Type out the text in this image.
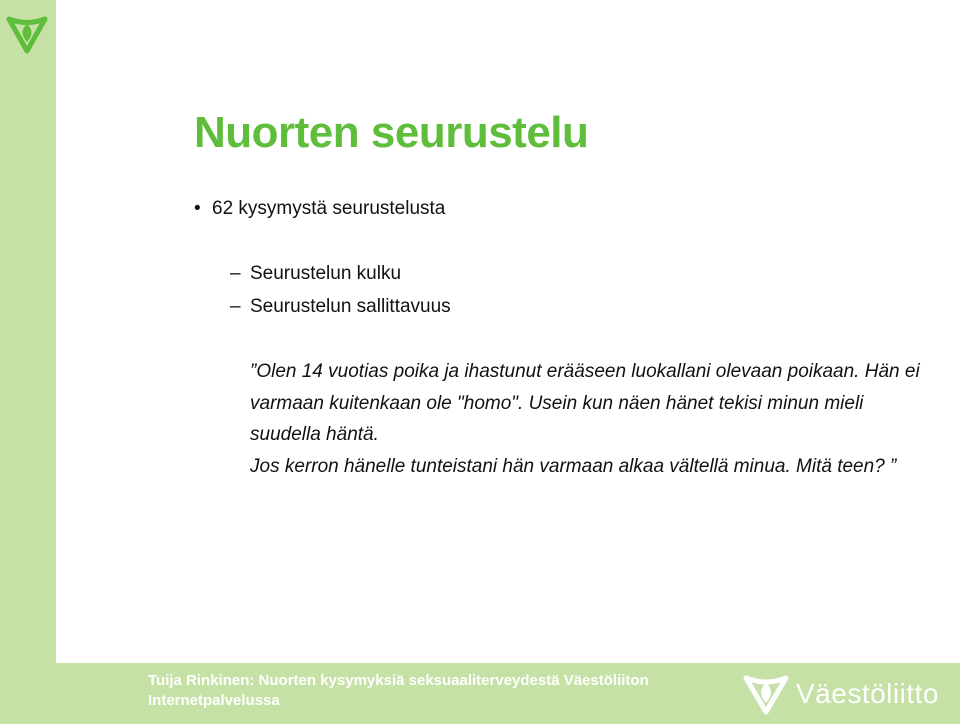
Nuorten seurustelu
• 62 kysymystä seurustelusta
– Seurustelun kulku
– Seurustelun sallittavuus

”Olen 14 vuotias poika ja ihastunut erääseen luokallani olevaan poikaan. Hän ei varmaan kuitenkaan ole "homo". Usein kun näen hänet tekisi minun mieli suudella häntä.

Jos kerron hänelle tunteistani hän varmaan alkaa vältellä minua. Mitä teen? ”

Tuija Rinkinen: Nuorten kysymyksiä seksuaaliterveydestä Väestöliiton
Internetpalvelussa	Väestöliitto
